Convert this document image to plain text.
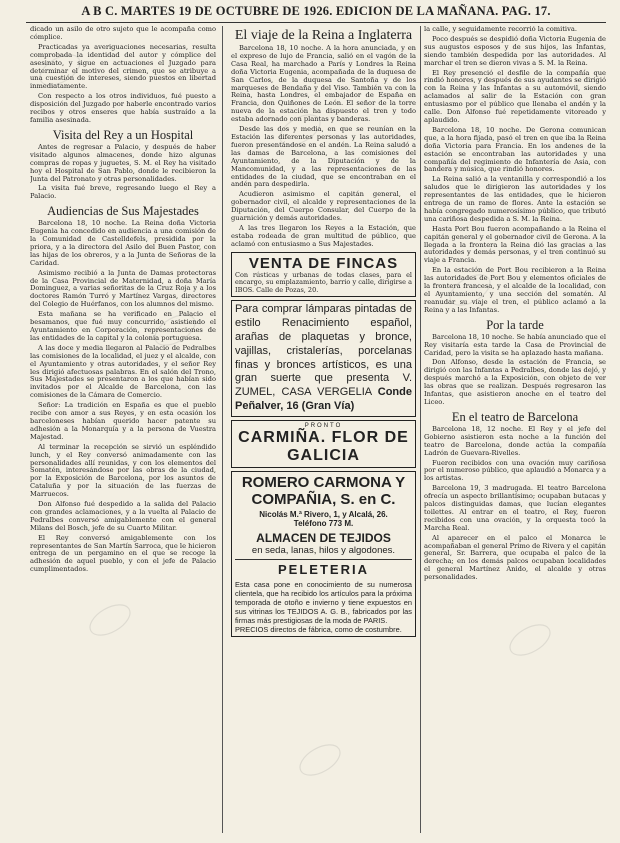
A B C. MARTES 19 DE OCTUBRE DE 1926. EDICION DE LA MAÑANA. PAG. 17.

dicado un asilo de otro sujeto que le acompaña como cómplice.

Practicadas ya averiguaciones necesarias, resulta comprobada la identidad del autor y cómplice del asesinato, y sigue en actuaciones el Juzgado para determinar el motivo del crimen, que se atribuye a una cuestión de intereses, siendo puestos en libertad inmediatamente.

Con respecto a los otros individuos, fué puesto a disposición del Juzgado por haberle encontrado varios recibos y otros enseres que había sustraído a la familia asesinada.

Visita del Rey a un Hospital

Antes de regresar a Palacio, y después de haber visitado algunos almacenes, donde hizo algunas compras de ropas y juguetes, S. M. el Rey ha visitado hoy el Hospital de San Pablo, donde le recibieron la Junta del Patronato y otras personalidades.

La visita fué breve, regresando luego el Rey a Palacio.

Audiencias de Sus Majestades

Barcelona 18, 10 noche. La Reina doña Victoria Eugenia ha concedido en audiencia a una comisión de la Comunidad de Castelldefels, presidida por la priora, y a la directora del Asilo del Buen Pastor, con las hijas de los obreros, y a la Junta de Señoras de la Caridad.

Asimismo recibió a la Junta de Damas protectoras de la Casa Provincial de Maternidad, a doña María Dominguez, a varias señoritas de la Cruz Roja y a los doctores Ramón Turró y Martínez Vargas, directores del Colegio de Huérfanos, con los alumnos del mismo.

Esta mañana se ha verificado en Palacio el besamanos, que fué muy concurrido, asistiendo el Ayuntamiento en Corporación, representaciones de las entidades de la capital y la colonia portuguesa.

A las doce y media llegaron al Palacio de Pedralbes las comisiones de la localidad, el juez y el alcalde, con el Ayuntamiento y otras autoridades, y el señor Rey les dirigió afectuosas palabras. En el salón del Trono, Sus Majestades se presentaron a los que habían sido invitados por el Alcalde de Barcelona, con las comisiones de la Cámara de Comercio.

Señor: La tradición en España es que el pueblo recibe con amor a sus Reyes, y en esta ocasión los barceloneses habían querido hacer patente su adhesión a la Monarquía y a la persona de Vuestra Majestad.

Al terminar la recepción se sirvió un espléndido lunch, y el Rey conversó animadamente con las personalidades allí reunidas, y con los elementos del Somatén, interesándose por las obras de la ciudad, por la Exposición de Barcelona, por los asuntos de Cataluña y por la situación de las fuerzas de Marruecos.

Don Alfonso fué despedido a la salida del Palacio con grandes aclamaciones, y a la vuelta al Palacio de Pedralbes conversó amigablemente con el general Milans del Bosch, jefe de su Cuarto Militar.

El Rey conversó amigablemente con los representantes de San Martín Sarroca, que le hicieron entrega de un pergamino en el que se recoge la adhesión de aquel pueblo, y con el jefe de Palacio cumplimentados.

El viaje de la Reina a Inglaterra

Barcelona 18, 10 noche. A la hora anunciada, y en el expreso de lujo de Francia, salió en el vagón de la Casa Real, ha marchado a París y Londres la Reina doña Victoria Eugenia, acompañada de la duquesa de San Carlos, de la duquesa de Santoña y de los marqueses de Bendaña y del Viso. También va con la Reina, hasta Londres, el embajador de España en Francia, don Quiñones de León. El señor de la torre nueva de la estación ha dispuesto el tren y todo estaba adornado con plantas y banderas.

Desde las dos y media, en que se reunían en la Estación las diferentes personas y las autoridades, fueron presentándose en el andén. La Reina saludó a las damas de Barcelona, a las comisiones del Ayuntamiento, de la Diputación y de la Mancomunidad, y a las representaciones de las entidades de la ciudad, que se encontraban en el andén para despedirla.

Acudieron asimismo el capitán general, el gobernador civil, el alcalde y representaciones de la Diputación, del Cuerpo Consular, del Cuerpo de la guarnición y demás autoridades.

A las tres llegaron los Reyes a la Estación, que estaba rodeada de gran multitud de público, que aclamó con entusiasmo a Sus Majestades.

VENTA DE FINCAS
Con rústicas y urbanas de todas clases, para el encargo, su emplazamiento, barrio y calle, dirigirse a IBOS. Calle de Pozas, 20.
Para comprar lámparas pintadas de estilo Renacimiento español, arañas de plaquetas y bronce, vajillas, cristalerías, porcelanas finas y bronces artísticos, es una gran suerte que presenta V. ZUMEL, CASA VERGELIA Conde Peñalver, 16 (Gran Vía)
PRONTO
CARMIÑA. FLOR DE GALICIA
ROMERO CARMONA Y COMPAÑIA, S. en C.
Nicolás M.ª Rivero, 1, y Alcalá, 26.
Teléfono 773 M.
ALMACEN DE TEJIDOS
en seda, lanas, hilos y algodones.
PELETERIA
Esta casa pone en conocimiento de su numerosa clientela, que ha recibido los artículos para la próxima temporada de otoño e invierno y tiene expuestos en sus vitrinas los TEJIDOS A. G. B., fabricados por las firmas más prestigiosas de la moda de PARIS.
PRECIOS directos de fábrica, como de costumbre.

la calle, y seguidamente recorrió la comitiva.

Poco después se despidió doña Victoria Eugenia de sus augustos esposos y de sus hijos, las Infantas, siendo también despedida por las autoridades. Al marchar el tren se dieron vivas a S. M. la Reina.

El Rey presenció el desfile de la compañía que rindió honores, y después de sus ayudantes se dirigió con la Reina y las Infantas a su automóvil, siendo aclamados al salir de la Estación con gran entusiasmo por el público que llenaba el andén y la calle. Don Alfonso fué repetidamente vitoreado y aplaudido.

Barcelona 18, 10 noche. De Gerona comunican que, a la hora fijada, pasó el tren en que iba la Reina doña Victoria para Francia. En los andenes de la estación se encontraban las autoridades y una compañía del regimiento de Infantería de Asia, con bandera y música, que rindió honores.

La Reina salió a la ventanilla y correspondió a los saludos que le dirigieron las autoridades y los representantes de las entidades, que le hicieron entrega de un ramo de flores. Ante la estación se había congregado numerosísimo público, que tributó una cariñosa despedida a S. M. la Reina.

Hasta Port Bou fueron acompañando a la Reina el capitán general y el gobernador civil de Gerona. A la llegada a la frontera la Reina dió las gracias a las autoridades y demás personas, y el tren continuó su viaje a Francia.

En la estación de Port Bou recibieron a la Reina las autoridades de Port Bou y elementos oficiales de la frontera francesa, y el alcalde de la localidad, con el Ayuntamiento, y una sección del somatén. Al reanudar su viaje el tren, el público aclamó a la Reina y a las Infantas.

Por la tarde

Barcelona 18, 10 noche. Se había anunciado que el Rey visitaría esta tarde la Casa de Provincial de Caridad, pero la visita se ha aplazado hasta mañana.

Don Alfonso, desde la estación de Francia, se dirigió con las Infantas a Pedralbes, donde las dejó, y después marchó a la Exposición, con objeto de ver las obras que se realizan. Después regresaron las Infantas, que asistieron anoche en el teatro del Liceo.

En el teatro de Barcelona

Barcelona 18, 12 noche. El Rey y el jefe del Gobierno asistieron esta noche a la función del teatro de Barcelona, donde actúa la compañía Ladrón de Guevara-Rivelles.

Fueron recibidos con una ovación muy cariñosa por el numeroso público, que aplaudió a Monarca y a los artistas.

Barcelona 19, 3 madrugada. El teatro Barcelona ofrecía un aspecto brillantísimo; ocupaban butacas y palcos distinguidas damas, que lucían elegantes toilettes. Al entrar en el teatro, el Rey, fueron recibidos con una ovación, y la orquesta tocó la Marcha Real.

Al aparecer en el palco el Monarca le acompañaban el general Primo de Rivera y el capitán general, Sr. Barrera, que ocupaba el palco de la derecha; en los demás palcos ocupaban localidades el general Martínez Anido, el alcalde y otras personalidades.
